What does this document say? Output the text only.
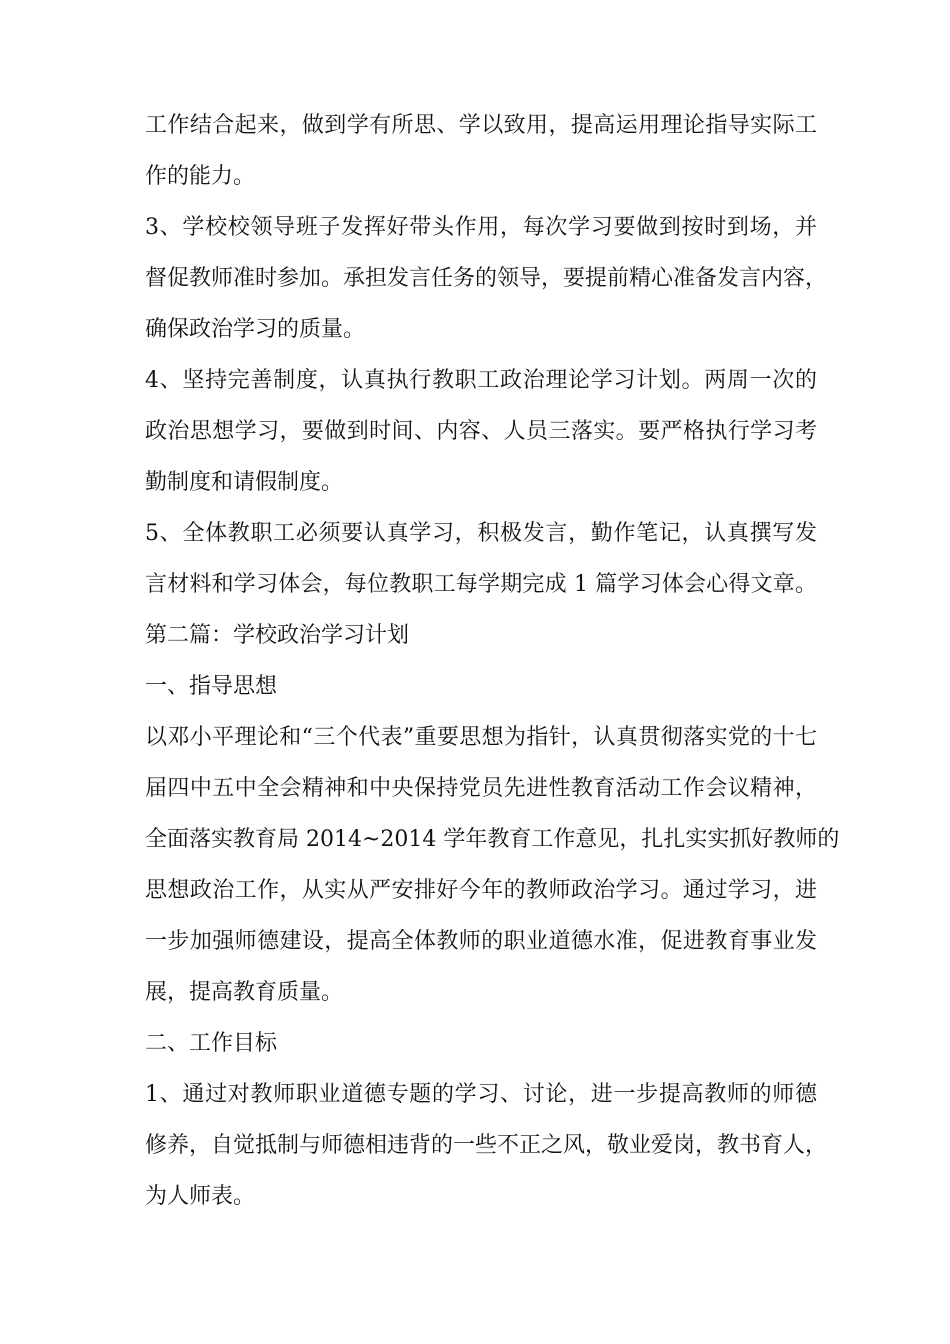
工作结合起来，做到学有所思、学以致用，提高运用理论指导实际工

作的能力。

3、学校校领导班子发挥好带头作用，每次学习要做到按时到场，并

督促教师准时参加。承担发言任务的领导，要提前精心准备发言内容，

确保政治学习的质量。

4、坚持完善制度，认真执行教职工政治理论学习计划。两周一次的

政治思想学习，要做到时间、内容、人员三落实。要严格执行学习考

勤制度和请假制度。

5、全体教职工必须要认真学习，积极发言，勤作笔记，认真撰写发

言材料和学习体会，每位教职工每学期完成 1 篇学习体会心得文章。

第二篇：学校政治学习计划

一、指导思想

以邓小平理论和“三个代表”重要思想为指针，认真贯彻落实党的十七

届四中五中全会精神和中央保持党员先进性教育活动工作会议精神，

全面落实教育局 2014~2014 学年教育工作意见，扎扎实实抓好教师的

思想政治工作，从实从严安排好今年的教师政治学习。通过学习，进

一步加强师德建设，提高全体教师的职业道德水准，促进教育事业发

展，提高教育质量。

二、工作目标

1、通过对教师职业道德专题的学习、讨论，进一步提高教师的师德

修养，自觉抵制与师德相违背的一些不正之风，敬业爱岗，教书育人，

为人师表。
